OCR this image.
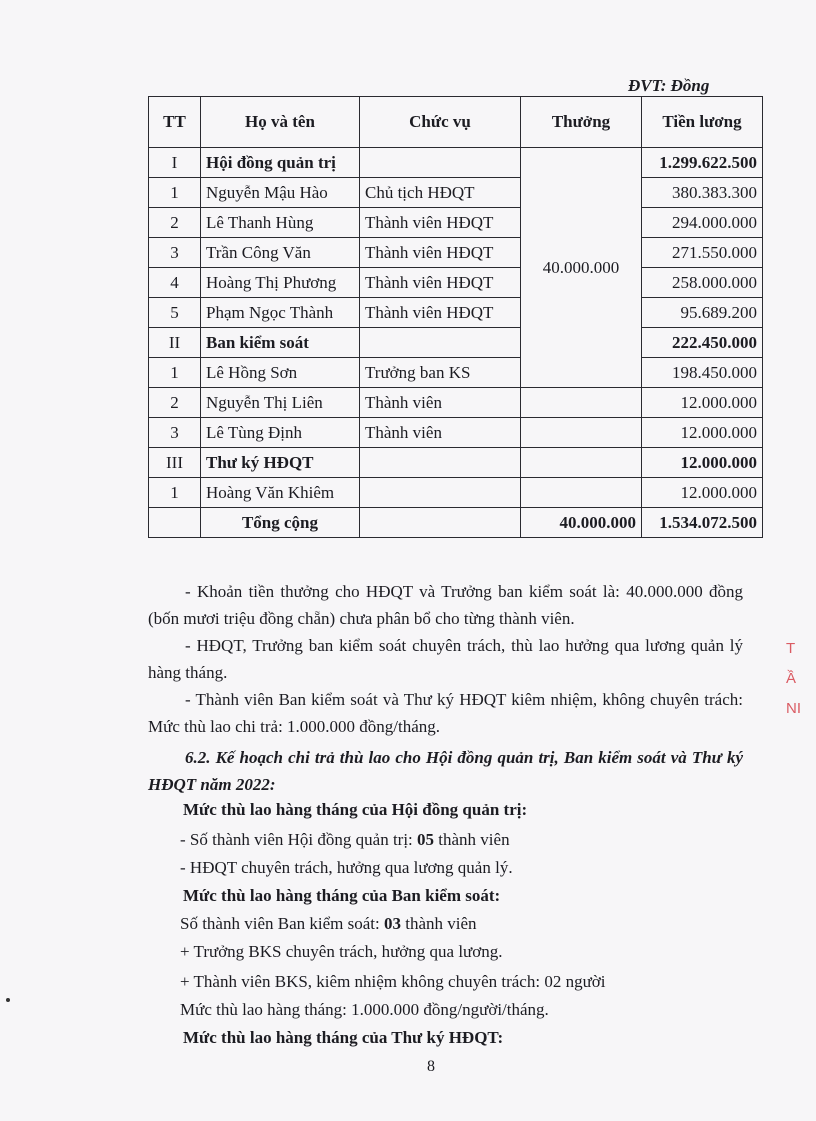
ĐVT: Đồng
TT	Họ và tên	Chức vụ	Thưởng	Tiền lương
I	Hội đồng quản trị		40.000.000	1.299.622.500
1	Nguyễn Mậu Hào	Chủ tịch HĐQT		380.383.300
2	Lê Thanh Hùng	Thành viên HĐQT		294.000.000
3	Trần Công Văn	Thành viên HĐQT		271.550.000
4	Hoàng Thị Phương	Thành viên HĐQT		258.000.000
5	Phạm Ngọc Thành	Thành viên HĐQT		95.689.200
II	Ban kiểm soát			222.450.000
1	Lê Hồng Sơn	Trưởng ban KS		198.450.000
2	Nguyễn Thị Liên	Thành viên		12.000.000
3	Lê Tùng Định	Thành viên		12.000.000
III	Thư ký HĐQT			12.000.000
1	Hoàng Văn Khiêm			12.000.000
	Tổng cộng		40.000.000	1.534.072.500
- Khoản tiền thưởng cho HĐQT và Trưởng ban kiểm soát là: 40.000.000 đồng (bốn mươi triệu đồng chẵn) chưa phân bổ cho từng thành viên.
- HĐQT, Trưởng ban kiểm soát chuyên trách, thù lao hưởng qua lương quản lý hàng tháng.
- Thành viên Ban kiểm soát và Thư ký HĐQT kiêm nhiệm, không chuyên trách: Mức thù lao chi trả: 1.000.000 đồng/tháng.
6.2. Kế hoạch chi trả thù lao cho Hội đồng quản trị, Ban kiểm soát và Thư ký HĐQT năm 2022:
Mức thù lao hàng tháng của Hội đồng quản trị:
- Số thành viên Hội đồng quản trị: 05 thành viên
- HĐQT chuyên trách, hưởng qua lương quản lý.
Mức thù lao hàng tháng của Ban kiểm soát:
Số thành viên Ban kiểm soát: 03 thành viên
+ Trưởng BKS chuyên trách, hưởng qua lương.
+ Thành viên BKS, kiêm nhiệm không chuyên trách: 02 người
Mức thù lao hàng tháng: 1.000.000 đồng/người/tháng.
Mức thù lao hàng tháng của Thư ký HĐQT:
8
T
Ầ
NI
